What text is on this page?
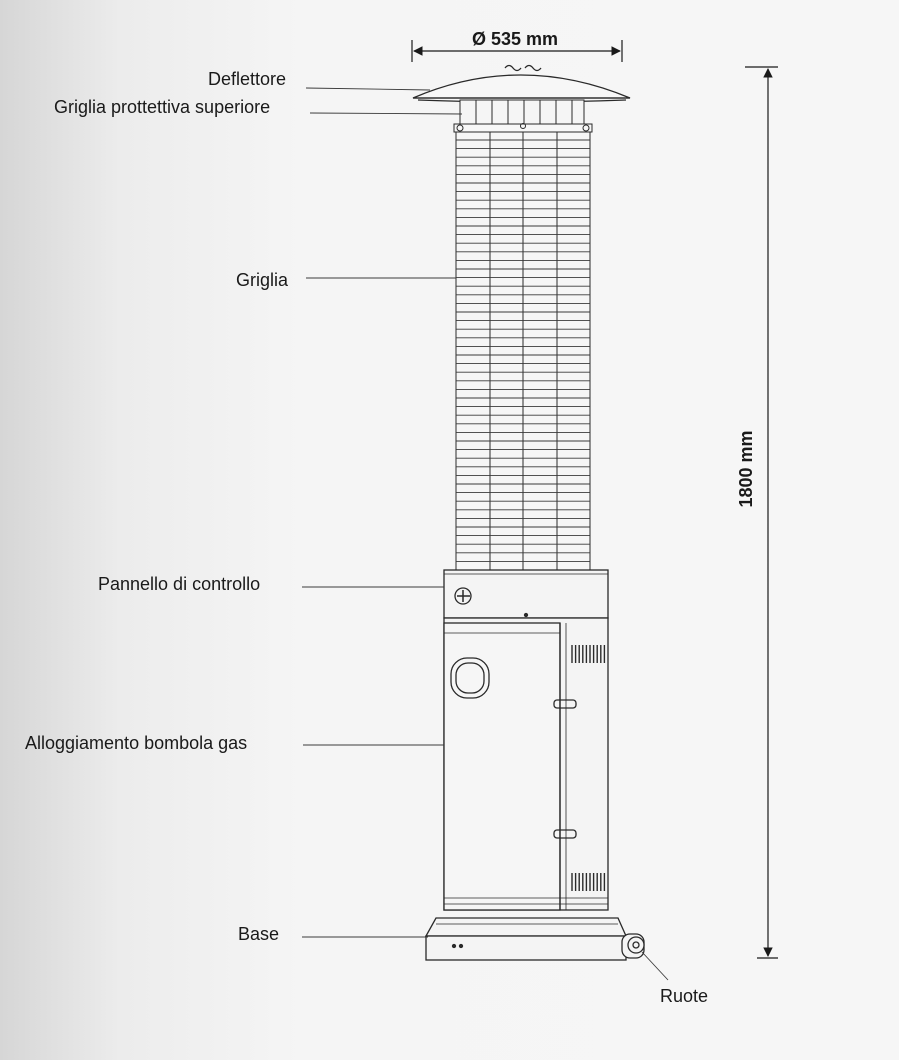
Ø 535 mm
1800 mm
Deflettore
Griglia prottettiva superiore
Griglia
Pannello di controllo
Alloggiamento bombola gas
Base
Ruote
